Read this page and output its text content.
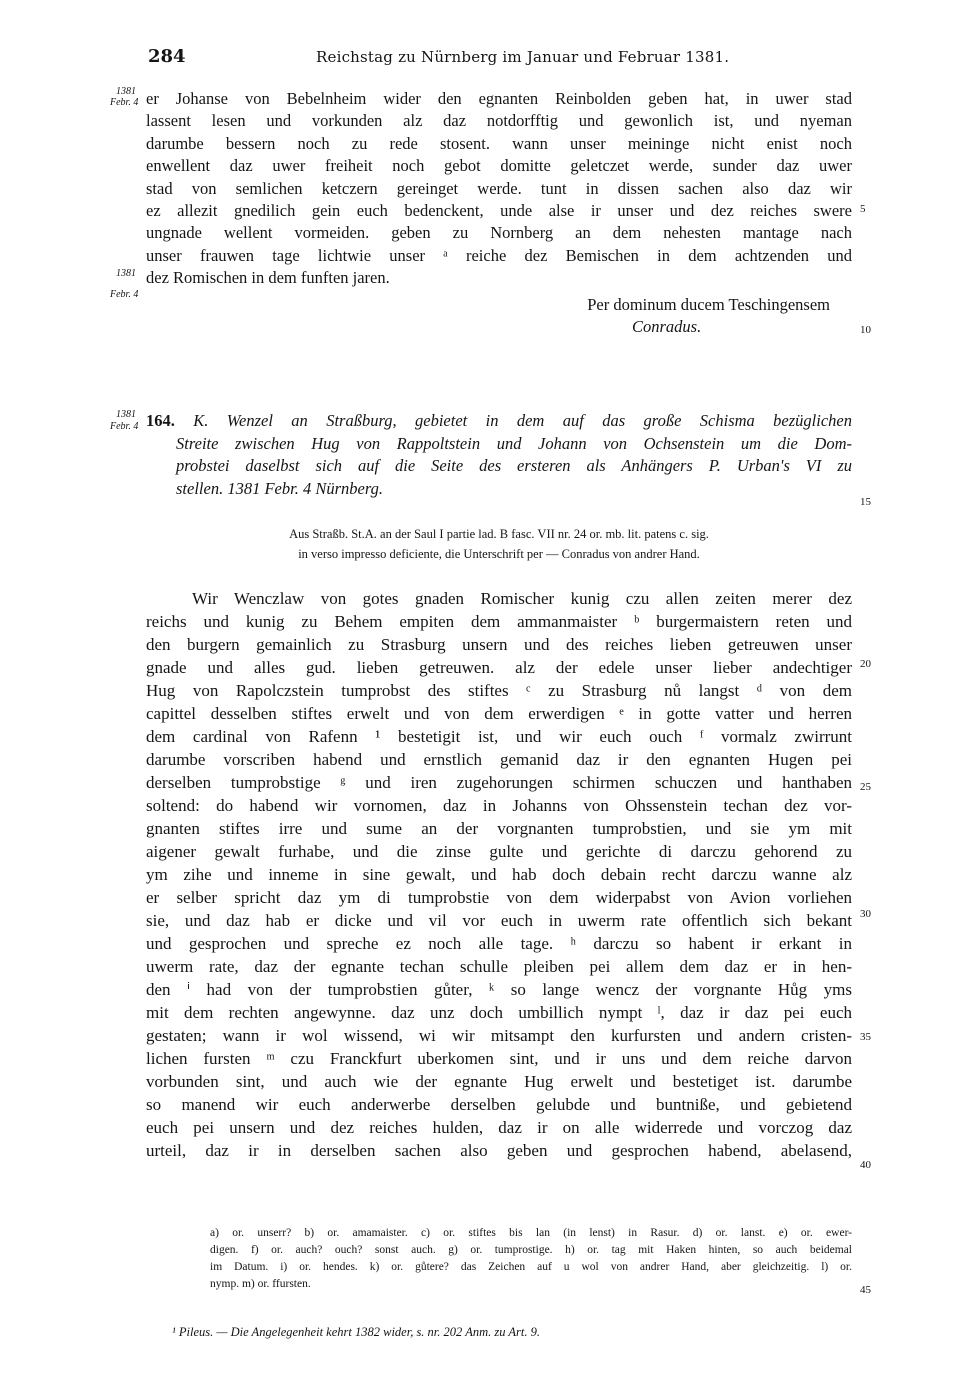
284	Reichstag zu Nürnberg im Januar und Februar 1381.
1381
Febr. 4
1381
Febr. 4
1381
Febr. 4
er Johanse von Bebelnheim wider den egnanten Reinbolden geben hat, in uwer stad
lassent lesen und vorkunden alz daz notdorfftig und gewonlich ist, und nyeman
darumbe bessern noch zu rede stosent. wann unser meininge nicht enist noch
enwellent daz uwer freiheit noch gebot domitte geletczet werde, sunder daz uwer
stad von semlichen ketczern gereinget werde. tunt in dissen sachen also daz wir
ez allezit gnedilich gein euch bedenckent, unde alse ir unser und dez reiches swere
ungnade wellent vormeiden. geben zu Nornberg an dem nehesten mantage nach
unser frauwen tage lichtwie unser ᵃ reiche dez Bemischen in dem achtzenden und
dez Romischen in dem funften jaren.
Per dominum ducem Teschingensem
Conradus.
164. K. Wenzel an Straßburg, gebietet in dem auf das große Schisma bezüglichen
Streite zwischen Hug von Rappoltstein und Johann von Ochsenstein um die Dom-
probstei daselbst sich auf die Seite des ersteren als Anhängers P. Urban's VI zu
stellen. 1381 Febr. 4 Nürnberg.
Aus Straßb. St.A. an der Saul I partie lad. B fasc. VII nr. 24 or. mb. lit. patens c. sig.
in verso impresso deficiente, die Unterschrift per — Conradus von andrer Hand.
Wir Wenczlaw von gotes gnaden Romischer kunig czu allen zeiten merer dez
reichs und kunig zu Behem empiten dem ammanmaister ᵇ burgermaistern reten und
den burgern gemainlich zu Strasburg unsern und des reiches lieben getreuwen unser
gnade und alles gud. lieben getreuwen. alz der edele unser lieber andechtiger
Hug von Rapolczstein tumprobst des stiftes ᶜ zu Strasburg nů langst ᵈ von dem
capittel desselben stiftes erwelt und von dem erwerdigen ᵉ in gotte vatter und herren
dem cardinal von Rafenn ¹ bestetigit ist, und wir euch ouch ᶠ vormalz zwirrunt
darumbe vorscriben habend und ernstlich gemanid daz ir den egnanten Hugen pei
derselben tumprobstige ᵍ und iren zugehorungen schirmen schuczen und hanthaben
soltend: do habend wir vornomen, daz in Johanns von Ohssenstein techan dez vor-
gnanten stiftes irre und sume an der vorgnanten tumprobstien, und sie ym mit
aigener gewalt furhabe, und die zinse gulte und gerichte di darczu gehorend zu
ym zihe und inneme in sine gewalt, und hab doch debain recht darczu wanne alz
er selber spricht daz ym di tumprobstie von dem widerpabst von Avion vorliehen
sie, und daz hab er dicke und vil vor euch in uwerm rate offentlich sich bekant
und gesprochen und spreche ez noch alle tage. ʰ darczu so habent ir erkant in
uwerm rate, daz der egnante techan schulle pleiben pei allem dem daz er in hen-
den ⁱ had von der tumprobstien gůter, ᵏ so lange wencz der vorgnante Hůg yms
mit dem rechten angewynne. daz unz doch umbillich nympt ˡ, daz ir daz pei euch
gestaten; wann ir wol wissend, wi wir mitsampt den kurfursten und andern cristen-
lichen fursten ᵐ czu Franckfurt uberkomen sint, und ir uns und dem reiche darvon
vorbunden sint, und auch wie der egnante Hug erwelt und bestetiget ist. darumbe
so manend wir euch anderwerbe derselben gelubde und buntniße, und gebietend
euch pei unsern und dez reiches hulden, daz ir on alle widerrede und vorczog daz
urteil, daz ir in derselben sachen also geben und gesprochen habend, abelasend,
5
10
15
20
25
30
35
40
45
a) or. unserr? b) or. amamaister. c) or. stiftes bis lan (in lenst) in Rasur. d) or. lanst. e) or. ewer-
digen. f) or. auch? ouch? sonst auch. g) or. tumprostige. h) or. tag mit Haken hinten, so auch beidemal
im Datum. i) or. hendes. k) or. gůtere? das Zeichen auf u wol von andrer Hand, aber gleichzeitig. l) or.
nymp. m) or. ffursten.
¹ Pileus. — Die Angelegenheit kehrt 1382 wider, s. nr. 202 Anm. zu Art. 9.
